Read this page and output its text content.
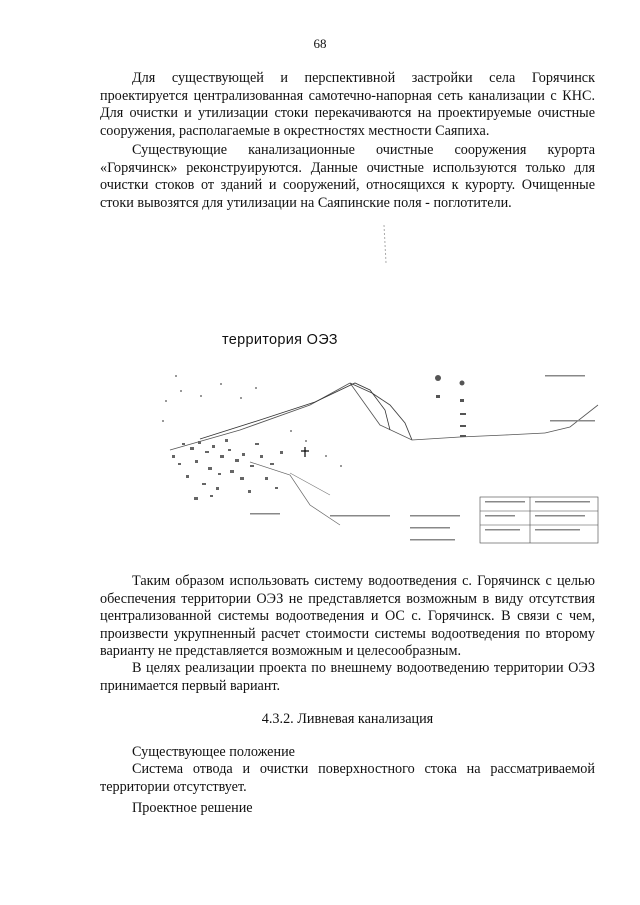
68

Для существующей и перспективной застройки села Горячинск проектируется централизованная самотечно-напорная сеть канализации с КНС. Для очистки и утилизации стоки перекачиваются на проектируемые очистные сооружения, располагаемые в окрестностях местности Саяпиха.

Существующие канализационные очистные сооружения курорта «Горячинск» реконструируются. Данные очистные используются только для очистки стоков от зданий и сооружений, относящихся к курорту. Очищенные стоки вывозятся для утилизации на Саяпинские поля - поглотители.

территория ОЭЗ

Таким образом использовать систему водоотведения с. Горячинск с целью обеспечения территории ОЭЗ не представляется возможным в виду отсутствия централизованной системы водоотведения и ОС с. Горячинск. В связи с чем, произвести укрупненный расчет стоимости системы водоотведения по второму варианту не представляется возможным и целесообразным.

В целях реализации проекта по внешнему водоотведению территории ОЭЗ принимается первый вариант.

4.3.2. Ливневая канализация
Существующее положение

Система отвода и очистки поверхностного стока на рассматриваемой территории отсутствует.

Проектное решение
